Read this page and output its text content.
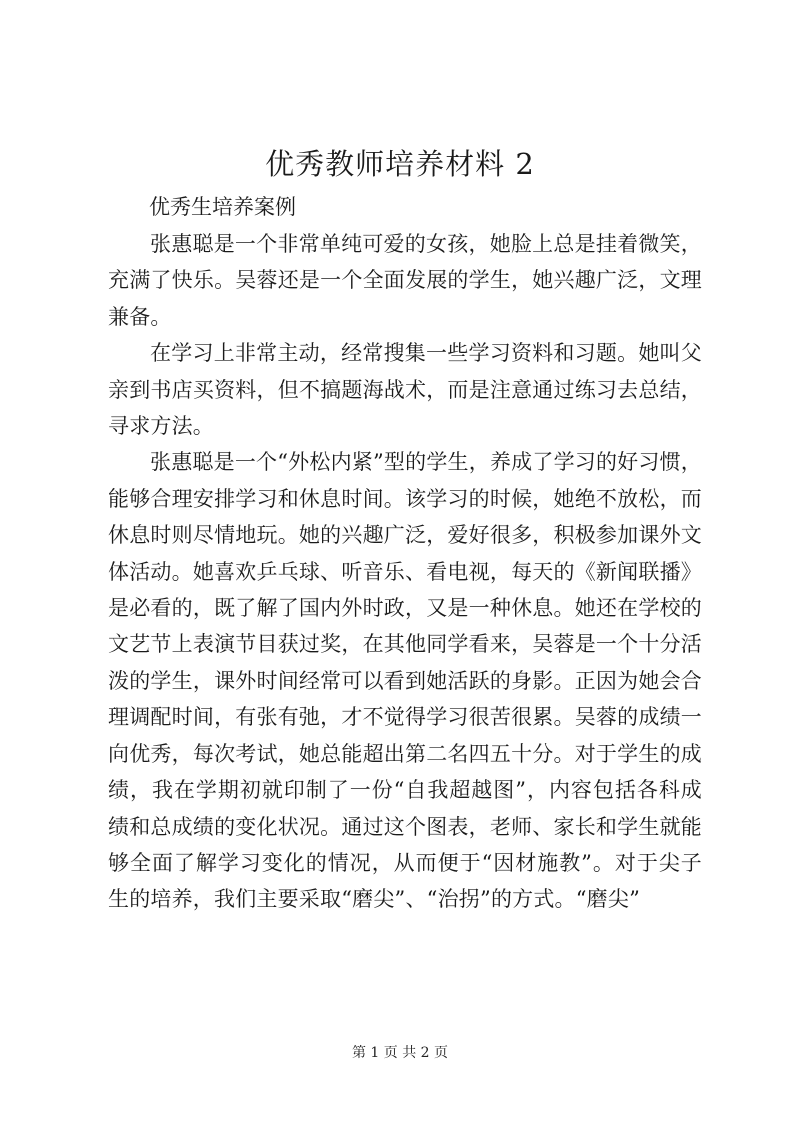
优秀教师培养材料 2

优秀生培养案例

张惠聪是一个非常单纯可爱的女孩，她脸上总是挂着微笑，充满了快乐。吴蓉还是一个全面发展的学生，她兴趣广泛，文理兼备。

在学习上非常主动，经常搜集一些学习资料和习题。她叫父亲到书店买资料，但不搞题海战术，而是注意通过练习去总结，寻求方法。

张惠聪是一个“外松内紧”型的学生，养成了学习的好习惯，能够合理安排学习和休息时间。该学习的时候，她绝不放松，而休息时则尽情地玩。她的兴趣广泛，爱好很多，积极参加课外文体活动。她喜欢乒乓球、听音乐、看电视，每天的《新闻联播》是必看的，既了解了国内外时政，又是一种休息。她还在学校的文艺节上表演节目获过奖，在其他同学看来，吴蓉是一个十分活泼的学生，课外时间经常可以看到她活跃的身影。正因为她会合理调配时间，有张有弛，才不觉得学习很苦很累。吴蓉的成绩一向优秀，每次考试，她总能超出第二名四五十分。对于学生的成绩，我在学期初就印制了一份“自我超越图”，内容包括各科成绩和总成绩的变化状况。通过这个图表，老师、家长和学生就能够全面了解学习变化的情况，从而便于“因材施教”。对于尖子生的培养，我们主要采取“磨尖”、“治拐”的方式。“磨尖”

第 1 页 共 2 页
